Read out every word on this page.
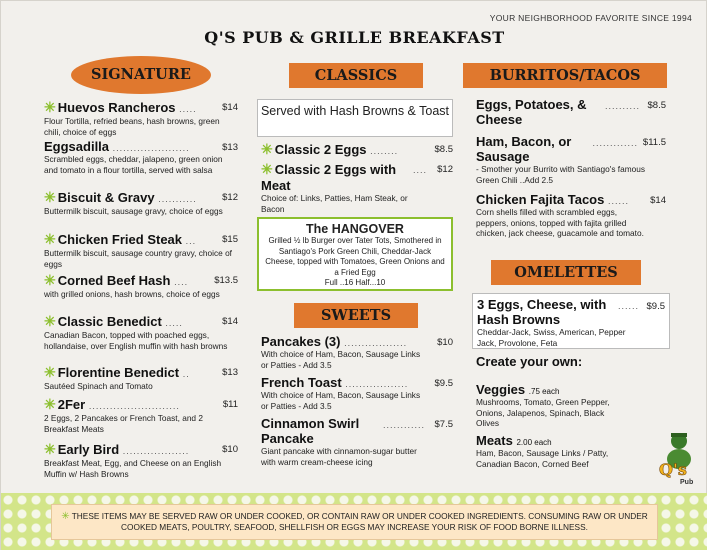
YOUR NEIGHBORHOOD FAVORITE SINCE 1994
Q'S PUB & GRILLE BREAKFAST
SIGNATURE
✳ Huevos Rancheros .....	$14
Flour Tortilla, refried beans, hash browns, green chili, choice of eggs
Eggsadilla ......................	$13
Scrambled eggs, cheddar, jalapeno, green onion and tomato in a flour tortilla, served with salsa
✳ Biscuit & Gravy ...........	$12
Buttermilk biscuit, sausage gravy, choice of eggs
✳ Chicken Fried Steak ...	$15
Buttermilk biscuit, sausage country gravy, choice of eggs
✳ Corned Beef Hash ....	$13.5
with grilled onions, hash browns, choice of eggs
✳ Classic Benedict .....	$14
Canadian Bacon, topped with poached eggs, hollandaise, over English muffin with hash browns
✳ Florentine Benedict ..	$13
Sautéed Spinach and Tomato
✳ 2Fer ..........................	$11
2 Eggs, 2 Pancakes or French Toast, and 2 Breakfast Meats
✳ Early Bird ...................	$10
Breakfast Meat, Egg, and Cheese on an English Muffin w/ Hash Browns
CLASSICS
Served with Hash Browns & Toast
✳ Classic 2 Eggs ........	$8.5
✳ Classic 2 Eggs with Meat
.... $12
Choice of: Links, Patties, Ham Steak, or Bacon
The HANGOVER
Grilled ½ lb Burger over Tater Tots, Smothered in Santiago's Pork Green Chili, Cheddar-Jack Cheese, topped with Tomatoes, Green Onions and a Fried Egg
Full ..16 Half...10
SWEETS
Pancakes (3) ..................	$10
With choice of Ham, Bacon, Sausage Links or Patties - Add 3.5
French Toast ..................	$9.5
With choice of Ham, Bacon, Sausage Links or Patties - Add 3.5
Cinnamon Swirl Pancake
............ $7.5
Giant pancake with cinnamon-sugar butter with warm cream-cheese icing
BURRITOS/TACOS
Eggs, Potatoes, & Cheese
.......... $8.5
Ham, Bacon, or Sausage
............. $11.5
- Smother your Burrito with Santiago's famous Green Chili ..Add 2.5
Chicken Fajita Tacos ......	$14
Corn shells filled with scrambled eggs, peppers, onions, topped with fajita grilled chicken, jack cheese, guacamole and tomato.
OMELETTES
3 Eggs, Cheese, with Hash Browns
...... $9.5
Cheddar-Jack, Swiss, American, Pepper Jack, Provolone, Feta
Create your own:
Veggies .75 each
Mushrooms, Tomato, Green Pepper, Onions, Jalapenos, Spinach, Black Olives
Meats 2.00 each
Ham, Bacon, Sausage Links / Patty, Canadian Bacon, Corned Beef	Q's
Pub
✳ THESE ITEMS MAY BE SERVED RAW OR UNDER COOKED, OR CONTAIN RAW OR UNDER COOKED INGREDIENTS. CONSUMING RAW OR UNDER COOKED MEATS, POULTRY, SEAFOOD, SHELLFISH OR EGGS MAY INCREASE YOUR RISK OF FOOD BORNE ILLNESS.
